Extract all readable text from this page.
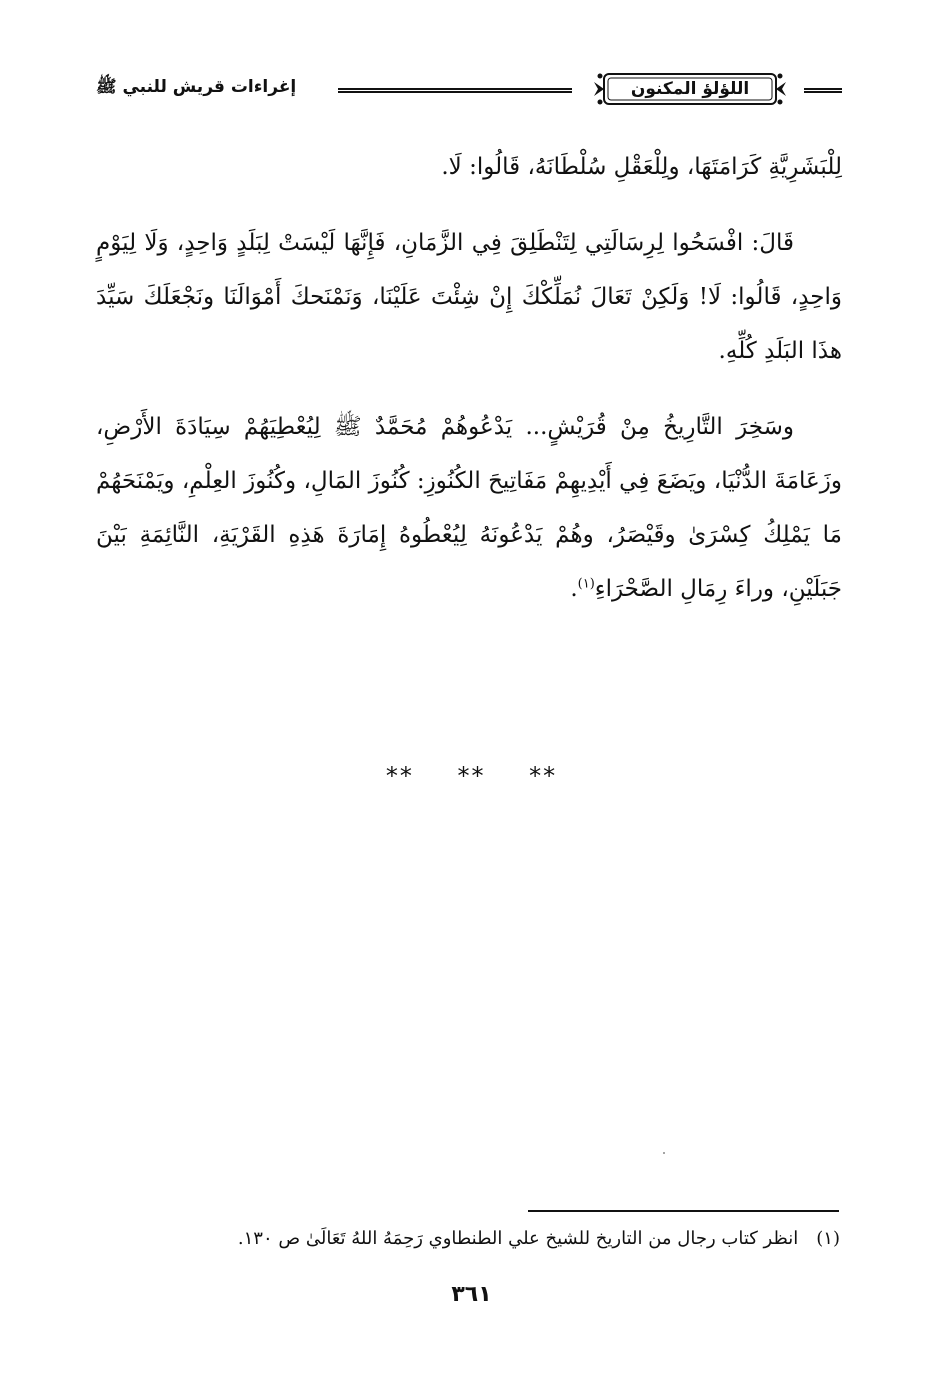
اللؤلؤ المكنون
إغراءات قريش للنبي ﷺ

لِلْبَشَرِيَّةِ كَرَامَتَهَا، ولِلْعَقْلِ سُلْطَانَهُ، قَالُوا: لَا.

قَالَ: افْسَحُوا لِرِسَالَتِي لِتَنْطَلِقَ فِي الزَّمَانِ، فَإِنَّهَا لَيْسَتْ لِبَلَدٍ وَاحِدٍ، وَلَا لِيَوْمٍ وَاحِدٍ، قَالُوا: لَا! وَلَكِنْ تَعَالَ نُمَلِّكْكَ إِنْ شِئْتَ عَلَيْنَا، وَنَمْنَحكَ أَمْوَالَنَا ونَجْعَلَكَ سَيِّدَ هذَا البَلَدِ كُلِّهِ.

وسَخِرَ التَّارِيخُ مِنْ قُرَيْشٍ... يَدْعُوهُمْ مُحَمَّدٌ ﷺ لِيُعْطِيَهُمْ سِيَادَةَ الأَرْضِ، وزَعَامَةَ الدُّنْيَا، ويَضَعَ فِي أَيْدِيهِمْ مَفَاتِيحَ الكُنُوزِ: كُنُوزَ المَالِ، وكُنُوزَ العِلْمِ، ويَمْنَحَهُمْ مَا يَمْلِكُ كِسْرَىٰ وقَيْصَرُ، وهُمْ يَدْعُونَهُ لِيُعْطُوهُ إِمَارَةَ هَذِهِ القَرْيَةِ، النَّائِمَةِ بَيْنَ جَبَلَيْنِ، وراءَ رِمَالِ الصَّحْرَاءِ$^{(١)}$.

** ** **
(١)انظر كتاب رجال من التاريخ للشيخ علي الطنطاوي رَحِمَهُ اللهُ تَعَالَىٰ ص ١٣٠.
٣٦١
